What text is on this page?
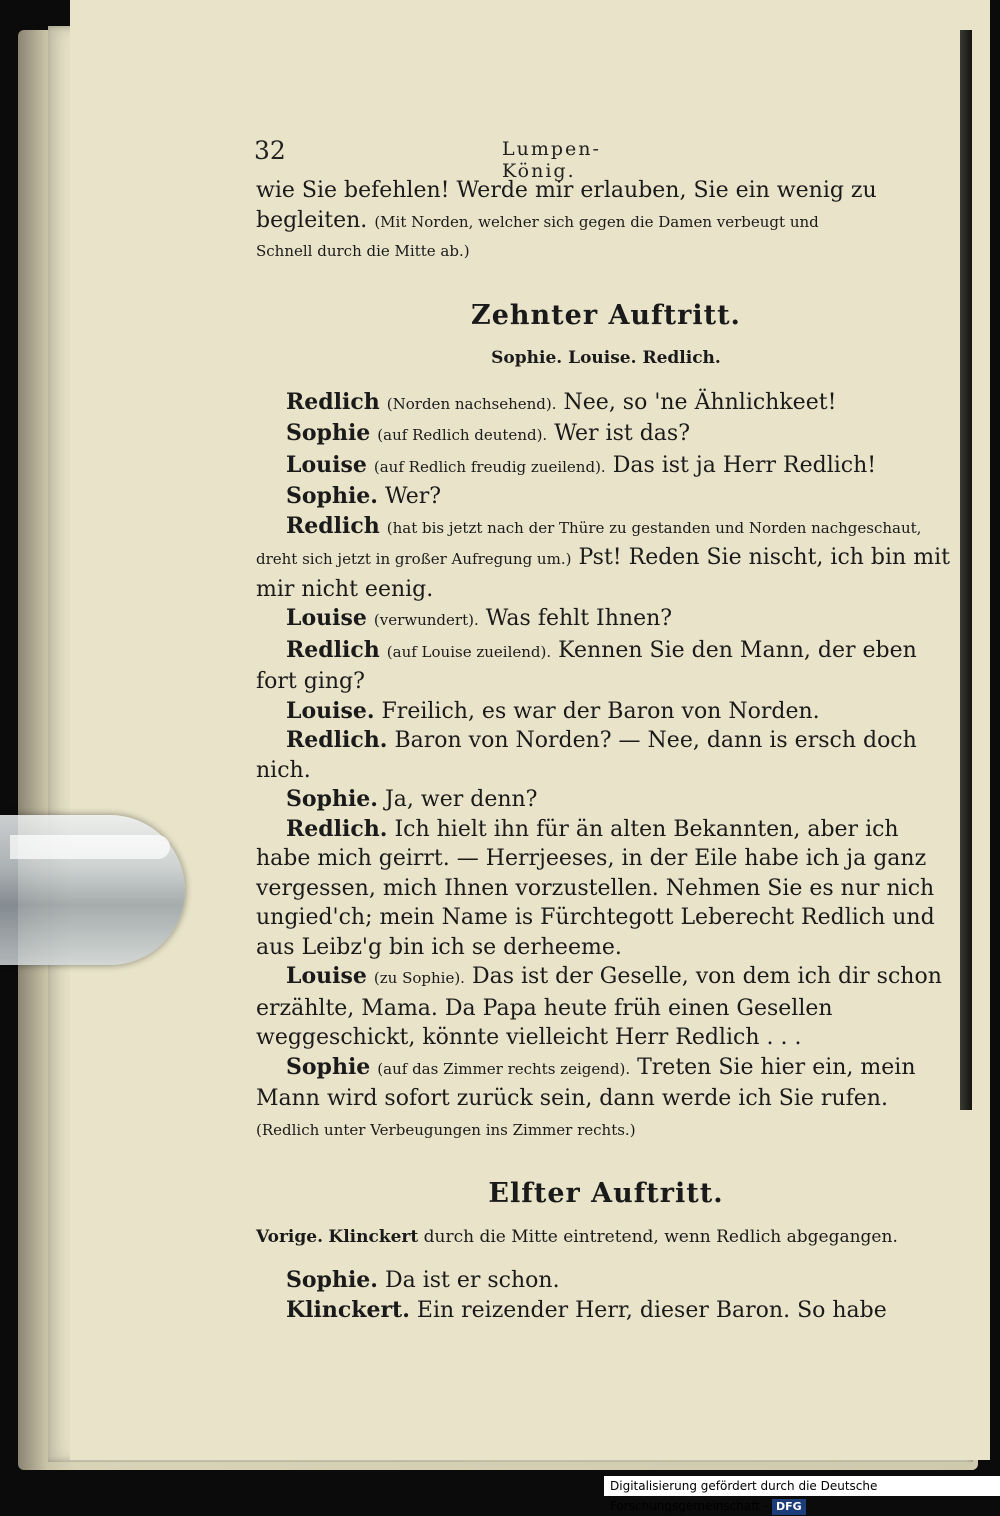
32	Lumpen-König.

wie Sie befehlen! Werde mir erlauben, Sie ein wenig zu

begleiten. (Mit Norden, welcher sich gegen die Damen verbeugt und

Schnell durch die Mitte ab.)

Zehnter Auftritt.

Sophie. Louise. Redlich.

Redlich (Norden nachsehend). Nee, so 'ne Ähnlichkeet!

Sophie (auf Redlich deutend). Wer ist das?

Louise (auf Redlich freudig zueilend). Das ist ja Herr Redlich!

Sophie. Wer?

Redlich (hat bis jetzt nach der Thüre zu gestanden und Norden nachgeschaut, dreht sich jetzt in großer Aufregung um.) Pst! Reden Sie nischt, ich bin mit mir nicht eenig.

Louise (verwundert). Was fehlt Ihnen?

Redlich (auf Louise zueilend). Kennen Sie den Mann, der eben fort ging?

Louise. Freilich, es war der Baron von Norden.

Redlich. Baron von Norden? — Nee, dann is ersch doch nich.

Sophie. Ja, wer denn?

Redlich. Ich hielt ihn für än alten Bekannten, aber ich habe mich geirrt. — Herrjeeses, in der Eile habe ich ja ganz vergessen, mich Ihnen vorzustellen. Nehmen Sie es nur nich ungied'ch; mein Name is Fürchtegott Leberecht Redlich und aus Leibz'g bin ich se derheeme.

Louise (zu Sophie). Das ist der Geselle, von dem ich dir schon erzählte, Mama. Da Papa heute früh einen Gesellen weggeschickt, könnte vielleicht Herr Redlich . . .

Sophie (auf das Zimmer rechts zeigend). Treten Sie hier ein, mein Mann wird sofort zurück sein, dann werde ich Sie rufen. (Redlich unter Verbeugungen ins Zimmer rechts.)

Elfter Auftritt.

Vorige. Klinckert durch die Mitte eintretend, wenn Redlich abgegangen.

Sophie. Da ist er schon.

Klinckert. Ein reizender Herr, dieser Baron. So habe

Digitalisierung gefördert durch die Deutsche Forschungsgemeinschaft - DFG
